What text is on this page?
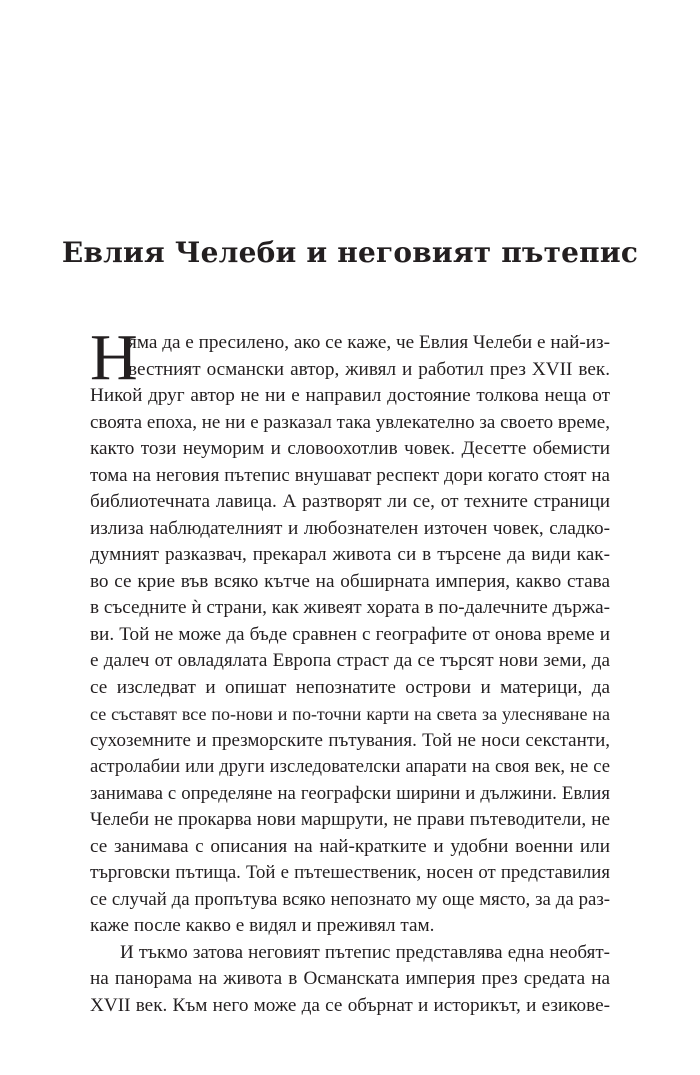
Евлия Челеби и неговият пътепис
Н
яма да е пресилено, ако се каже, че Евлия Челеби е най-из-
вестният османски автор, живял и работил през XVII век.
Никой друг автор не ни е направил достояние толкова неща от
своята епоха, не ни е разказал така увлекателно за своето време,
както този неуморим и словоохотлив човек. Десетте обемисти
тома на неговия пътепис внушават респект дори когато стоят на
библиотечната лавица. А разтворят ли се, от техните страници
излиза наблюдателният и любознателен източен човек, сладко-
думният разказвач, прекарал живота си в търсене да види как-
во се крие във всяко кътче на обширната империя, какво става
в съседните ѝ страни, как живеят хората в по-далечните държа-
ви. Той не може да бъде сравнен с географите от онова време и
е далеч от овладялата Европа страст да се търсят нови земи, да
се изследват и опишат непознатите острови и материци, да
се съставят все по-нови и по-точни карти на света за улесняване на
сухоземните и презморските пътувания. Той не носи секстанти,
астролабии или други изследователски апарати на своя век, не се
занимава с определяне на географски ширини и дължини. Евлия
Челеби не прокарва нови маршрути, не прави пътеводители, не
се занимава с описания на най-кратките и удобни военни или
търговски пътища. Той е пътешественик, носен от представилия
се случай да пропътува всяко непознато му още място, за да раз-
каже после какво е видял и преживял там.
И тъкмо затова неговият пътепис представлява една необят-
на панорама на живота в Османската империя през средата на
XVII век. Към него може да се обърнат и историкът, и езикове-
